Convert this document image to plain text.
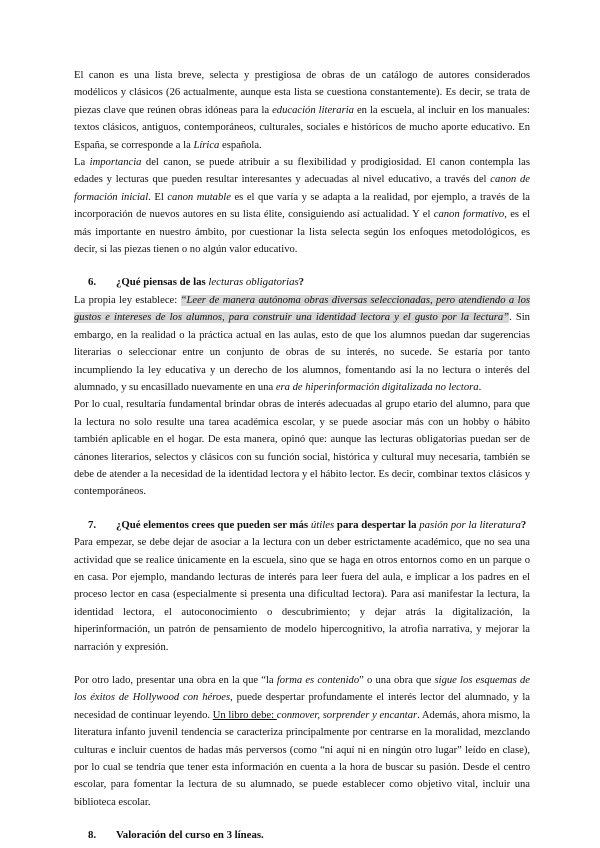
El canon es una lista breve, selecta y prestigiosa de obras de un catálogo de autores considerados modélicos y clásicos (26 actualmente, aunque esta lista se cuestiona constantemente). Es decir, se trata de piezas clave que reúnen obras idóneas para la educación literaria en la escuela, al incluir en los manuales: textos clásicos, antiguos, contemporáneos, culturales, sociales e históricos de mucho aporte educativo. En España, se corresponde a la Lírica española.

La importancia del canon, se puede atribuir a su flexibilidad y prodigiosidad. El canon contempla las edades y lecturas que pueden resultar interesantes y adecuadas al nivel educativo, a través del canon de formación inicial. El canon mutable es el que varía y se adapta a la realidad, por ejemplo, a través de la incorporación de nuevos autores en su lista élite, consiguiendo así actualidad. Y el canon formativo, es el más importante en nuestro ámbito, por cuestionar la lista selecta según los enfoques metodológicos, es decir, si las piezas tienen o no algún valor educativo.

6.	¿Qué piensas de las lecturas obligatorias?

La propia ley establece: “Leer de manera autónoma obras diversas seleccionadas, pero atendiendo a los gustos e intereses de los alumnos, para construir una identidad lectora y el gusto por la lectura”. Sin embargo, en la realidad o la práctica actual en las aulas, esto de que los alumnos puedan dar sugerencias literarias o seleccionar entre un conjunto de obras de su interés, no sucede. Se estaría por tanto incumpliendo la ley educativa y un derecho de los alumnos, fomentando así la no lectura o interés del alumnado, y su encasillado nuevamente en una era de hiperinformación digitalizada no lectora.

Por lo cual, resultaría fundamental brindar obras de interés adecuadas al grupo etario del alumno, para que la lectura no solo resulte una tarea académica escolar, y se puede asociar más con un hobby o hábito también aplicable en el hogar. De esta manera, opinó que: aunque las lecturas obligatorias puedan ser de cánones literarios, selectos y clásicos con su función social, histórica y cultural muy necesaria, también se debe de atender a la necesidad de la identidad lectora y el hábito lector. Es decir, combinar textos clásicos y contemporáneos.

7.	¿Qué elementos crees que pueden ser más útiles para despertar la pasión por la literatura?

Para empezar, se debe dejar de asociar a la lectura con un deber estrictamente académico, que no sea una actividad que se realice únicamente en la escuela, sino que se haga en otros entornos como en un parque o en casa. Por ejemplo, mandando lecturas de interés para leer fuera del aula, e implicar a los padres en el proceso lector en casa (especialmente si presenta una dificultad lectora). Para así manifestar la lectura, la identidad lectora, el autoconocimiento o descubrimiento; y dejar atrás la digitalización, la hiperinformación, un patrón de pensamiento de modelo hipercognitivo, la atrofia narrativa, y mejorar la narración y expresión.

Por otro lado, presentar una obra en la que “la forma es contenido” o una obra que sigue los esquemas de los éxitos de Hollywood con héroes, puede despertar profundamente el interés lector del alumnado, y la necesidad de continuar leyendo. Un libro debe: conmover, sorprender y encantar. Además, ahora mismo, la literatura infanto juvenil tendencia se caracteriza principalmente por centrarse en la moralidad, mezclando culturas e incluir cuentos de hadas más perversos (como “ni aquí ni en ningún otro lugar” leído en clase), por lo cual se tendría que tener esta información en cuenta a la hora de buscar su pasión. Desde el centro escolar, para fomentar la lectura de su alumnado, se puede establecer como objetivo vital, incluir una biblioteca escolar.

8.	Valoración del curso en 3 líneas.
